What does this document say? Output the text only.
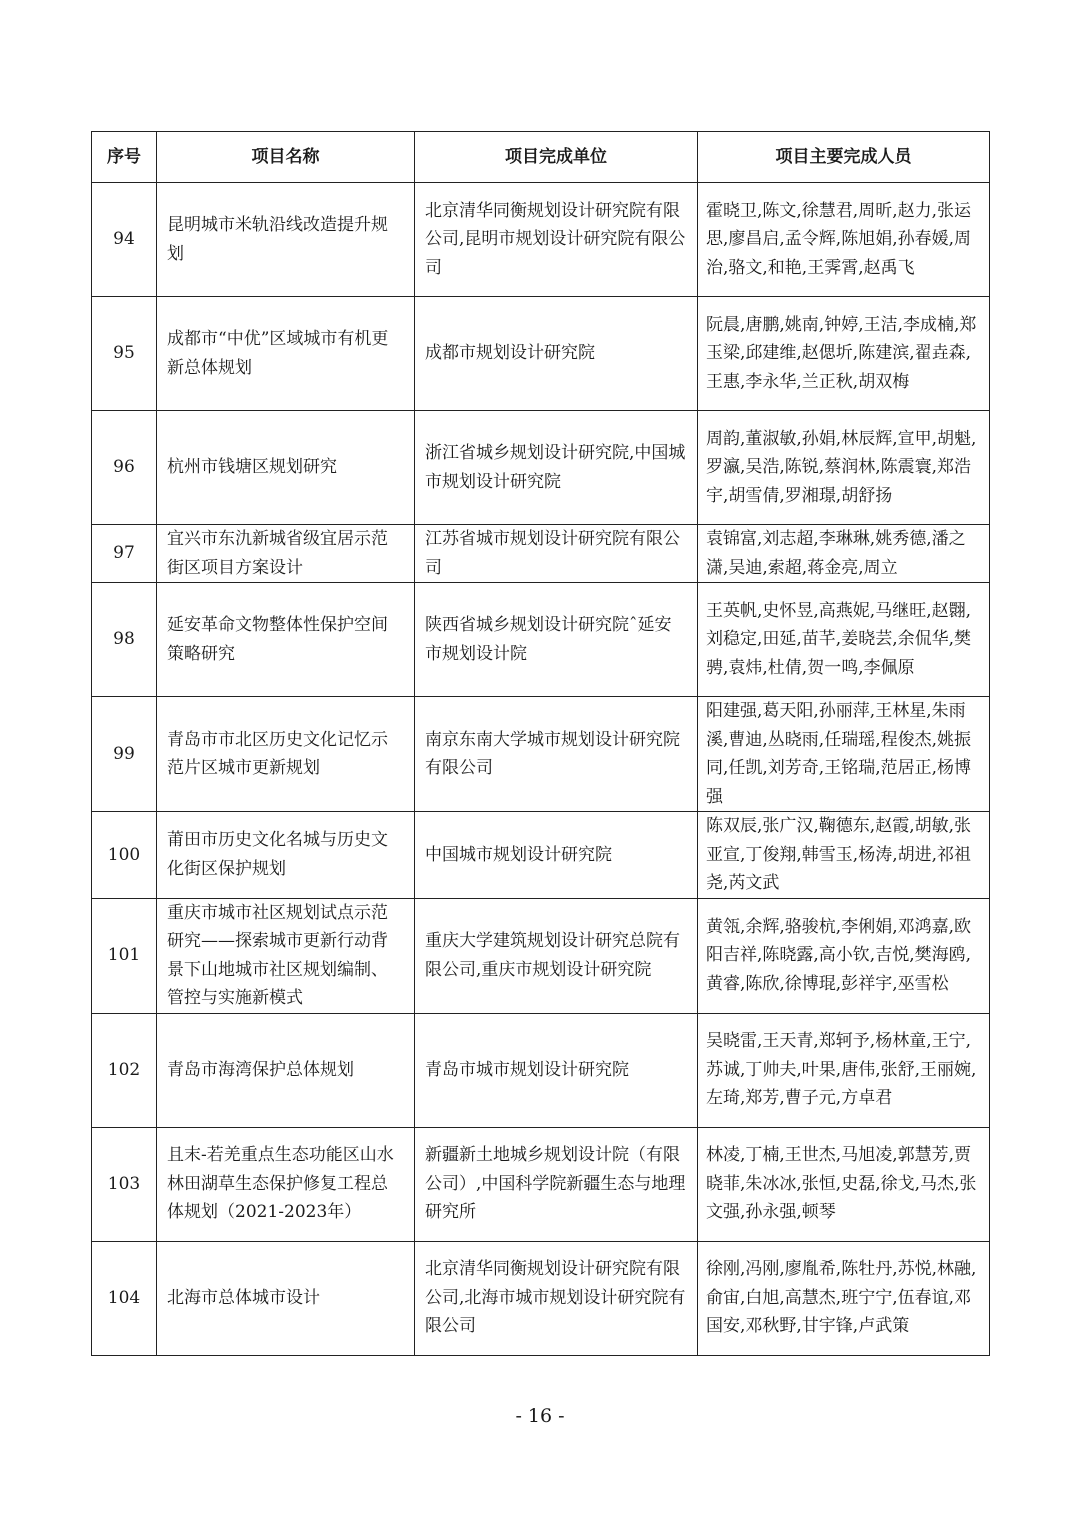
序号	项目名称	项目完成单位	项目主要完成人员
94	昆明城市米轨沿线改造提升规划	北京清华同衡规划设计研究院有限公司,昆明市规划设计研究院有限公司	霍晓卫,陈文,徐慧君,周昕,赵力,张运思,廖昌启,孟令辉,陈旭娟,孙春媛,周治,骆文,和艳,王霁霄,赵禹飞
95	成都市“中优”区域城市有机更新总体规划	成都市规划设计研究院	阮晨,唐鹏,姚南,钟婷,王洁,李成楠,郑玉梁,邱建维,赵偲圻,陈建滨,翟垚森,王惠,李永华,兰正秋,胡双梅
96	杭州市钱塘区规划研究	浙江省城乡规划设计研究院,中国城市规划设计研究院	周韵,董淑敏,孙娟,林辰辉,宣甲,胡魁,罗瀛,吴浩,陈锐,蔡润林,陈震寰,郑浩宇,胡雪倩,罗湘璟,胡舒扬
97	宜兴市东氿新城省级宜居示范街区项目方案设计	江苏省城市规划设计研究院有限公司	袁锦富,刘志超,李琳琳,姚秀德,潘之潇,吴迪,索超,蒋金亮,周立
98	延安革命文物整体性保护空间策略研究	陕西省城乡规划设计研究院ˆ延安市规划设计院	王英帆,史怀昱,高燕妮,马继旺,赵翾,刘稳定,田延,苗芊,姜晓芸,余侃华,樊骋,袁炜,杜倩,贺一鸣,李佩原
99	青岛市市北区历史文化记忆示范片区城市更新规划	南京东南大学城市规划设计研究院有限公司	阳建强,葛天阳,孙丽萍,王林星,朱雨溪,曹迪,丛晓雨,任瑞瑶,程俊杰,姚振同,任凯,刘芳奇,王铭瑞,范居正,杨博强
100	莆田市历史文化名城与历史文化街区保护规划	中国城市规划设计研究院	陈双辰,张广汉,鞠德东,赵霞,胡敏,张亚宣,丁俊翔,韩雪玉,杨涛,胡进,祁祖尧,芮文武
101	重庆市城市社区规划试点示范研究——探索城市更新行动背景下山地城市社区规划编制、管控与实施新模式	重庆大学建筑规划设计研究总院有限公司,重庆市规划设计研究院	黄瓴,余辉,骆骏杭,李俐娟,邓鸿嘉,欧阳吉祥,陈晓露,高小钦,吉悦,樊海鸥,黄睿,陈欣,徐博琨,彭祥宇,巫雪松
102	青岛市海湾保护总体规划	青岛市城市规划设计研究院	吴晓雷,王天青,郑轲予,杨林童,王宁,苏诚,丁帅夫,叶果,唐伟,张舒,王丽婉,左琦,郑芳,曹子元,方卓君
103	且末-若羌重点生态功能区山水林田湖草生态保护修复工程总体规划（2021-2023年）	新疆新土地城乡规划设计院（有限公司）,中国科学院新疆生态与地理研究所	林凌,丁楠,王世杰,马旭凌,郭慧芳,贾晓菲,朱冰冰,张恒,史磊,徐戈,马杰,张文强,孙永强,顿琴
104	北海市总体城市设计	北京清华同衡规划设计研究院有限公司,北海市城市规划设计研究院有限公司	徐刚,冯刚,廖胤希,陈牡丹,苏悦,林融,俞宙,白旭,高慧杰,班宁宁,伍春谊,邓国安,邓秋野,甘宇锋,卢武策
- 16 -
